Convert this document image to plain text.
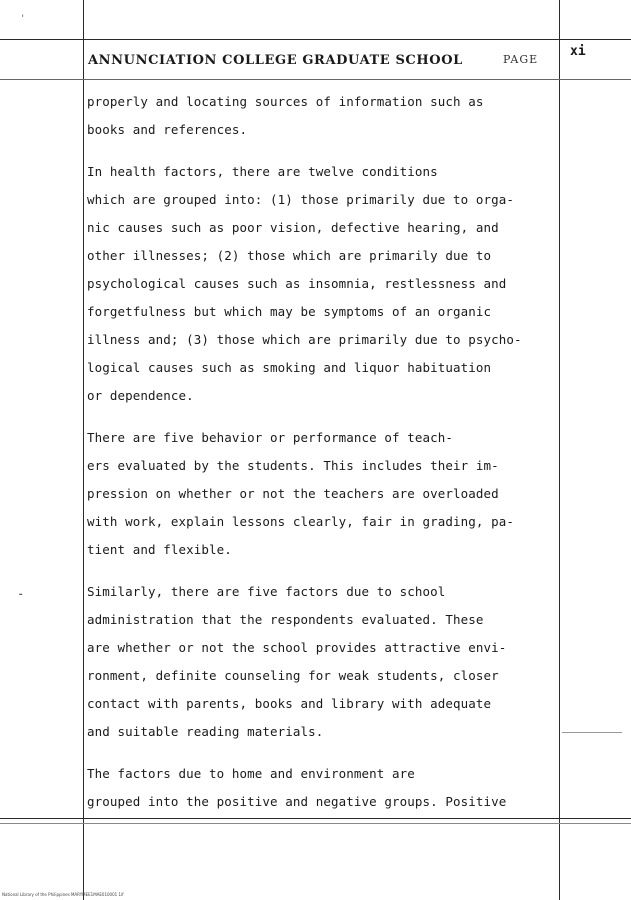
'
-
ANNUNCIATION COLLEGE GRADUATE SCHOOL	PAGE
xi
properly and locating sources of information such as
books and references.
In health factors, there are twelve conditions
which are grouped into: (1) those primarily due to orga-
nic causes such as poor vision, defective hearing, and
other illnesses; (2) those which are primarily due to
psychological causes such as insomnia, restlessness and
forgetfulness but which may be symptoms of an organic
illness and; (3) those which are primarily due to psycho-
logical causes such as smoking and liquor habituation
or dependence.
There are five behavior or performance of teach-
ers evaluated by the students. This includes their im-
pression on whether or not the teachers are overloaded
with work, explain lessons clearly, fair in grading, pa-
tient and flexible.
Similarly, there are five factors due to school
administration that the respondents evaluated. These
are whether or not the school provides attractive envi-
ronment, definite counseling for weak students, closer
contact with parents, books and library with adequate
and suitable reading materials.
The factors due to home and environment are
grouped into the positive and negative groups. Positive
National Library of the Philippines MARYMEE1MAE010001 1if
